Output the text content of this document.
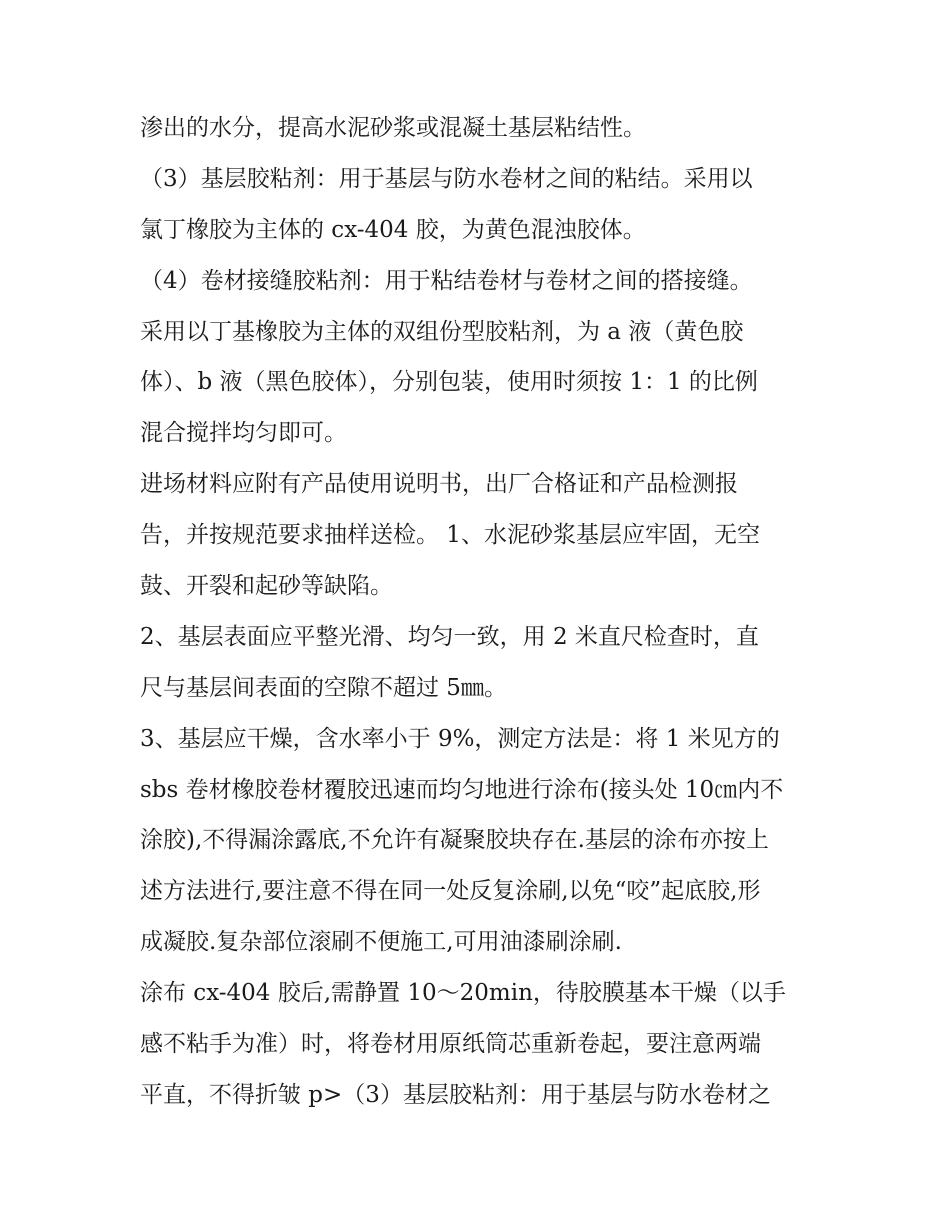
渗出的水分，提高水泥砂浆或混凝土基层粘结性。
（3）基层胶粘剂：用于基层与防水卷材之间的粘结。采用以
氯丁橡胶为主体的 cx-404 胶，为黄色混浊胶体。
（4）卷材接缝胶粘剂：用于粘结卷材与卷材之间的搭接缝。
采用以丁基橡胶为主体的双组份型胶粘剂，为 a 液（黄色胶
体）、b 液（黑色胶体），分别包装，使用时须按 1：1 的比例
混合搅拌均匀即可。
进场材料应附有产品使用说明书，出厂合格证和产品检测报
告，并按规范要求抽样送检。 1、水泥砂浆基层应牢固，无空
鼓、开裂和起砂等缺陷。
2、基层表面应平整光滑、均匀一致，用 2 米直尺检查时，直
尺与基层间表面的空隙不超过 5㎜。
3、基层应干燥，含水率小于 9%，测定方法是：将 1 米见方的
sbs 卷材橡胶卷材覆胶迅速而均匀地进行涂布(接头处 10㎝内不
涂胶),不得漏涂露底,不允许有凝聚胶块存在.基层的涂布亦按上
述方法进行,要注意不得在同一处反复涂刷,以免“咬”起底胶,形
成凝胶.复杂部位滚刷不便施工,可用油漆刷涂刷.
涂布 cx-404 胶后,需静置 10～20min，待胶膜基本干燥（以手
感不粘手为准）时，将卷材用原纸筒芯重新卷起，要注意两端
平直，不得折皱 p>（3）基层胶粘剂：用于基层与防水卷材之
